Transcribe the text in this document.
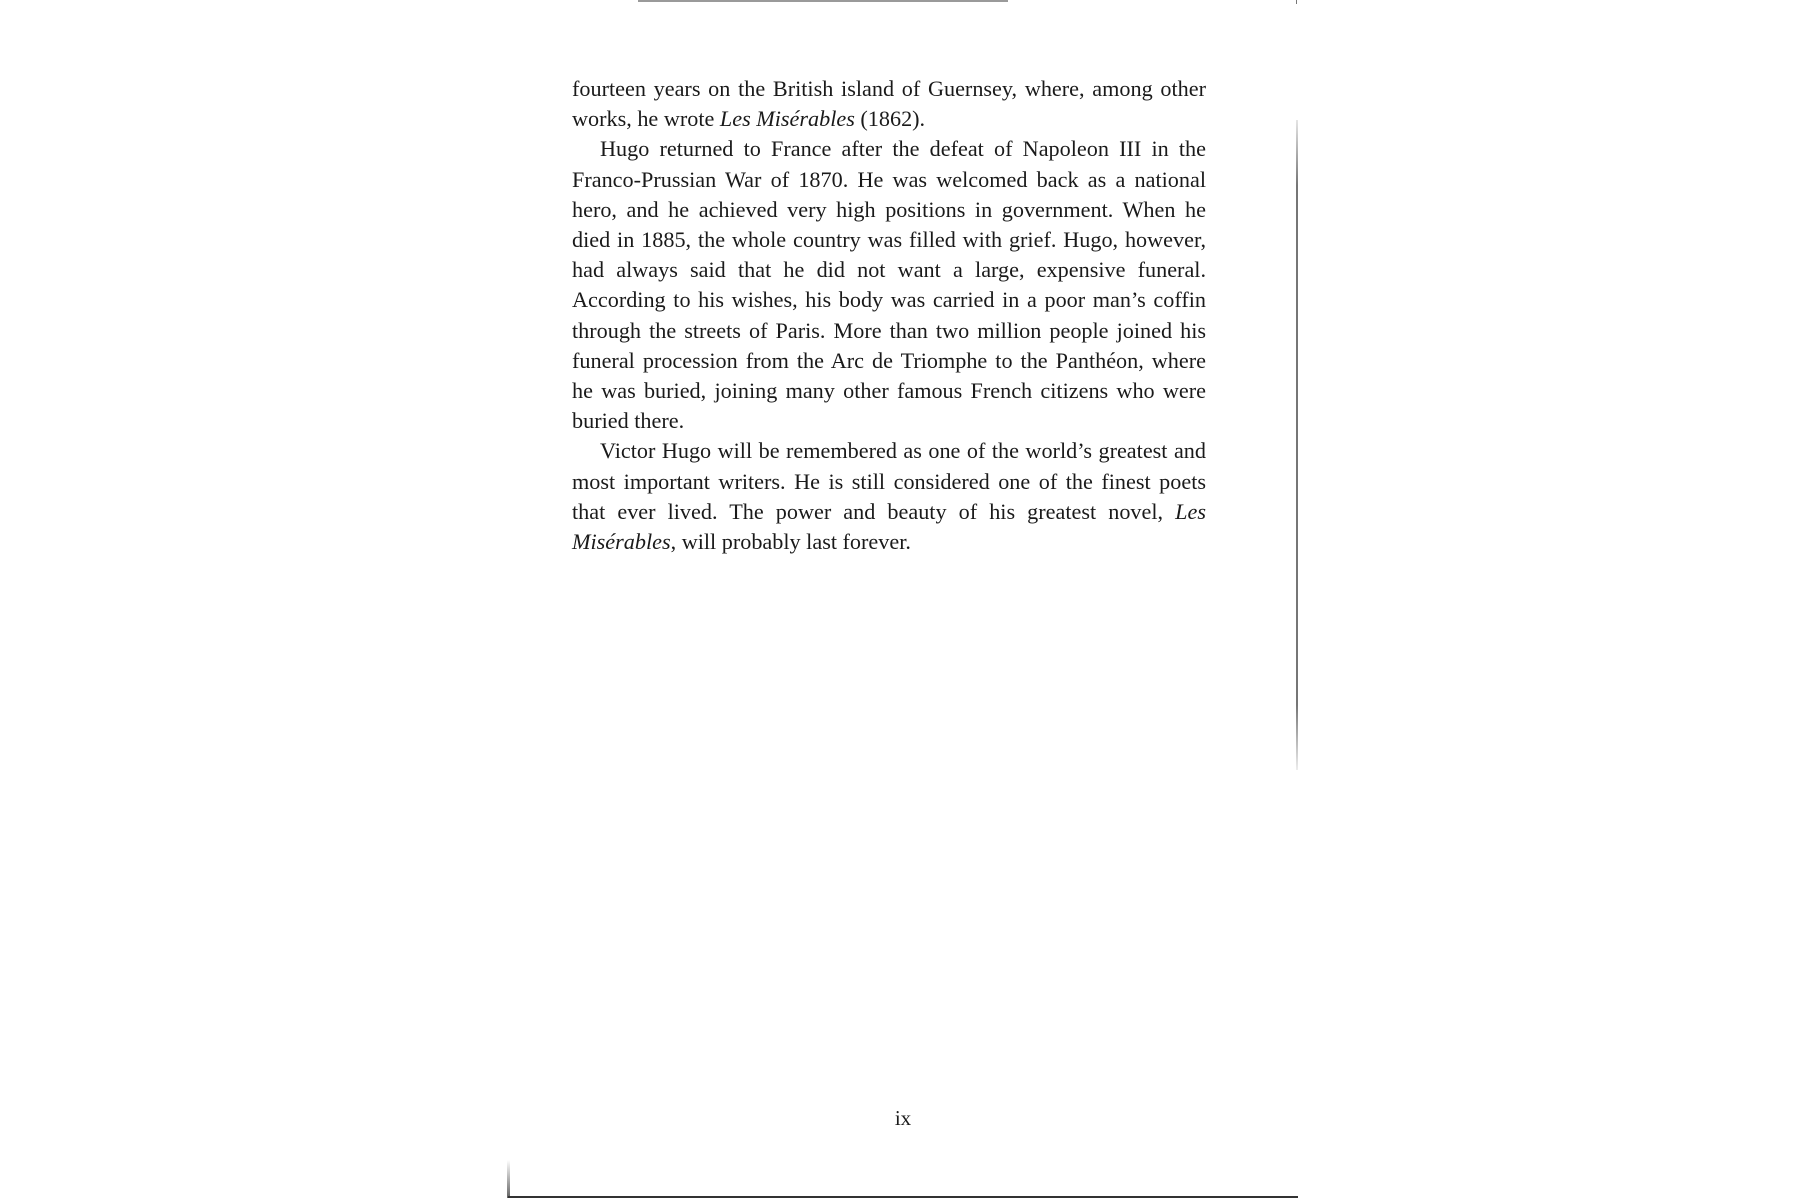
fourteen years on the British island of Guernsey, where, among other works, he wrote Les Misérables (1862).

Hugo returned to France after the defeat of Napoleon III in the Franco-Prussian War of 1870. He was welcomed back as a national hero, and he achieved very high positions in government. When he died in 1885, the whole country was filled with grief. Hugo, however, had always said that he did not want a large, expensive funeral. According to his wishes, his body was carried in a poor man’s coffin through the streets of Paris. More than two million people joined his funeral procession from the Arc de Triomphe to the Panthéon, where he was buried, joining many other famous French citizens who were buried there.

Victor Hugo will be remembered as one of the world’s greatest and most important writers. He is still considered one of the finest poets that ever lived. The power and beauty of his greatest novel, Les Misérables, will probably last forever.

ix
